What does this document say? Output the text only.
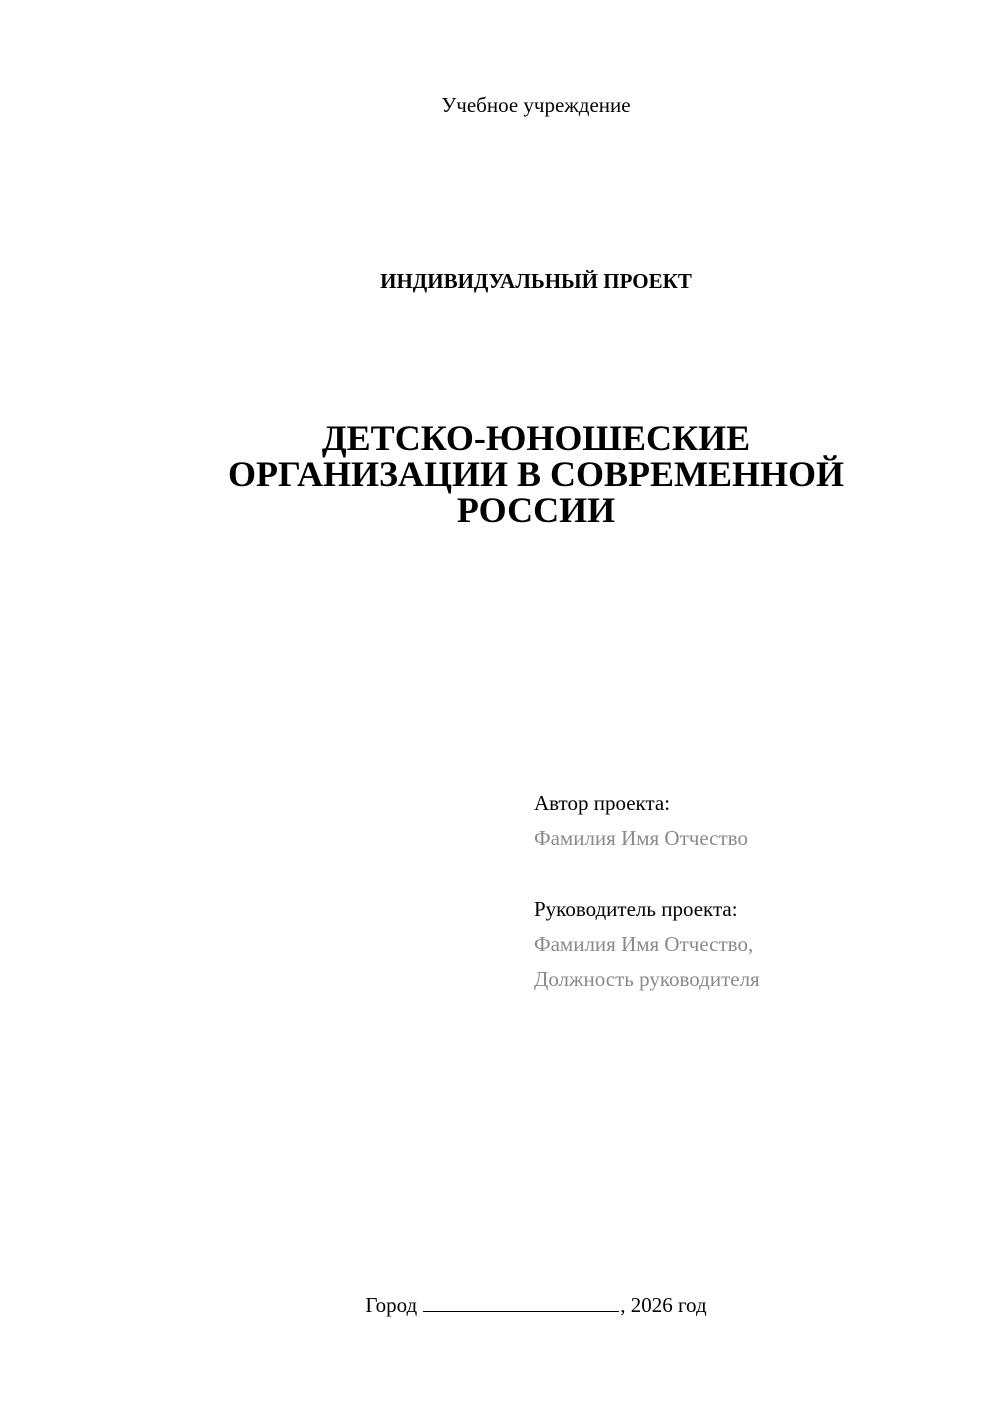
Учебное учреждение
ИНДИВИДУАЛЬНЫЙ ПРОЕКТ
ДЕТСКО-ЮНОШЕСКИЕ
ОРГАНИЗАЦИИ В СОВРЕМЕННОЙ
РОССИИ
Автор проекта:
Фамилия Имя Отчество
Руководитель проекта:
Фамилия Имя Отчество,
Должность руководителя
Город	, 2026 год
